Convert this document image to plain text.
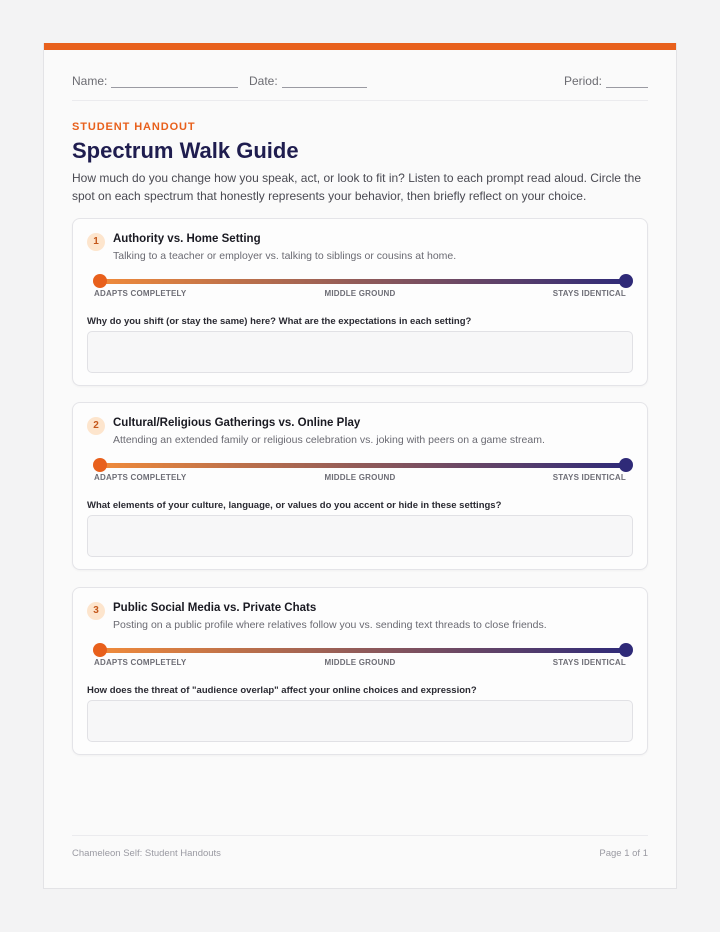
Name:	Date:	Period:
STUDENT HANDOUT
Spectrum Walk Guide

How much do you change how you speak, act, or look to fit in? Listen to each prompt read aloud. Circle the spot on each spectrum that honestly represents your behavior, then briefly reflect on your choice.

1	Authority vs. Home Setting
Talking to a teacher or employer vs. talking to siblings or cousins at home.
ADAPTS COMPLETELY	MIDDLE GROUND	STAYS IDENTICAL
Why do you shift (or stay the same) here? What are the expectations in each setting?
2	Cultural/Religious Gatherings vs. Online Play
Attending an extended family or religious celebration vs. joking with peers on a game stream.
ADAPTS COMPLETELY	MIDDLE GROUND	STAYS IDENTICAL
What elements of your culture, language, or values do you accent or hide in these settings?
3	Public Social Media vs. Private Chats
Posting on a public profile where relatives follow you vs. sending text threads to close friends.
ADAPTS COMPLETELY	MIDDLE GROUND	STAYS IDENTICAL
How does the threat of "audience overlap" affect your online choices and expression?
Chameleon Self: Student Handouts	Page 1 of 1
